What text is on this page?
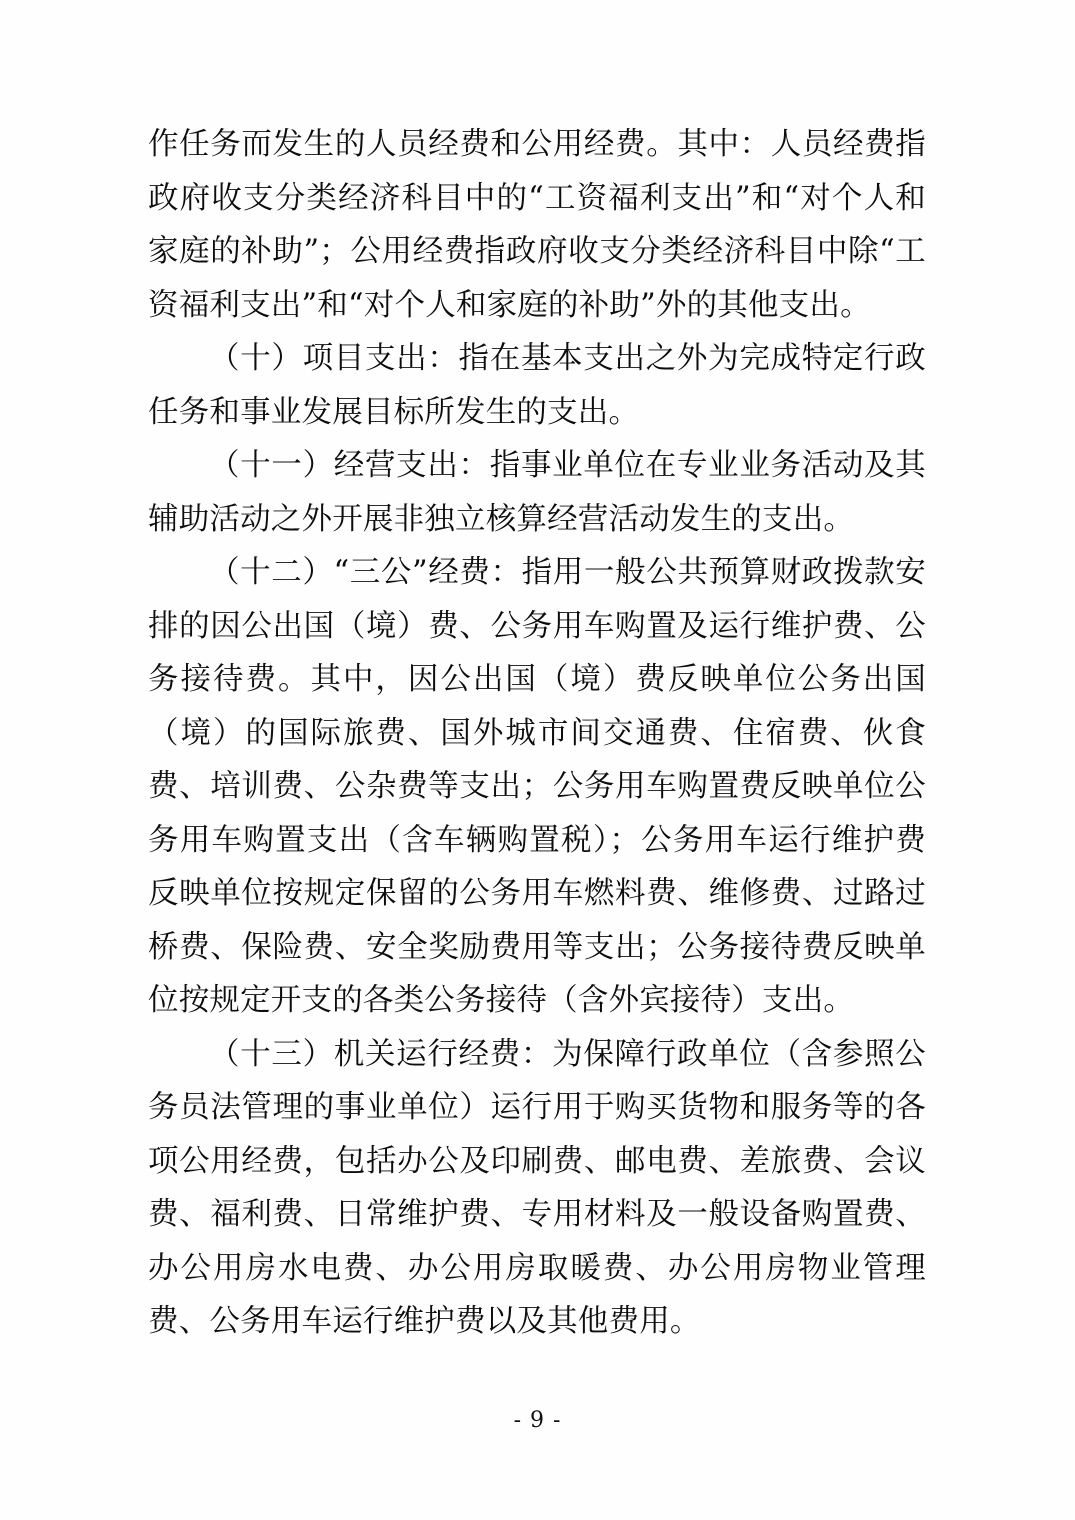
作任务而发生的人员经费和公用经费。其中：人员经费指政府收支分类经济科目中的“工资福利支出”和“对个人和家庭的补助”；公用经费指政府收支分类经济科目中除“工资福利支出”和“对个人和家庭的补助”外的其他支出。

（十）项目支出：指在基本支出之外为完成特定行政任务和事业发展目标所发生的支出。

（十一）经营支出：指事业单位在专业业务活动及其辅助活动之外开展非独立核算经营活动发生的支出。

（十二）“三公”经费：指用一般公共预算财政拨款安排的因公出国（境）费、公务用车购置及运行维护费、公务接待费。其中，因公出国（境）费反映单位公务出国（境）的国际旅费、国外城市间交通费、住宿费、伙食费、培训费、公杂费等支出；公务用车购置费反映单位公务用车购置支出（含车辆购置税）；公务用车运行维护费反映单位按规定保留的公务用车燃料费、维修费、过路过桥费、保险费、安全奖励费用等支出；公务接待费反映单位按规定开支的各类公务接待（含外宾接待）支出。

（十三）机关运行经费：为保障行政单位（含参照公务员法管理的事业单位）运行用于购买货物和服务等的各项公用经费，包括办公及印刷费、邮电费、差旅费、会议费、福利费、日常维护费、专用材料及一般设备购置费、办公用房水电费、办公用房取暖费、办公用房物业管理费、公务用车运行维护费以及其他费用。

- 9 -
